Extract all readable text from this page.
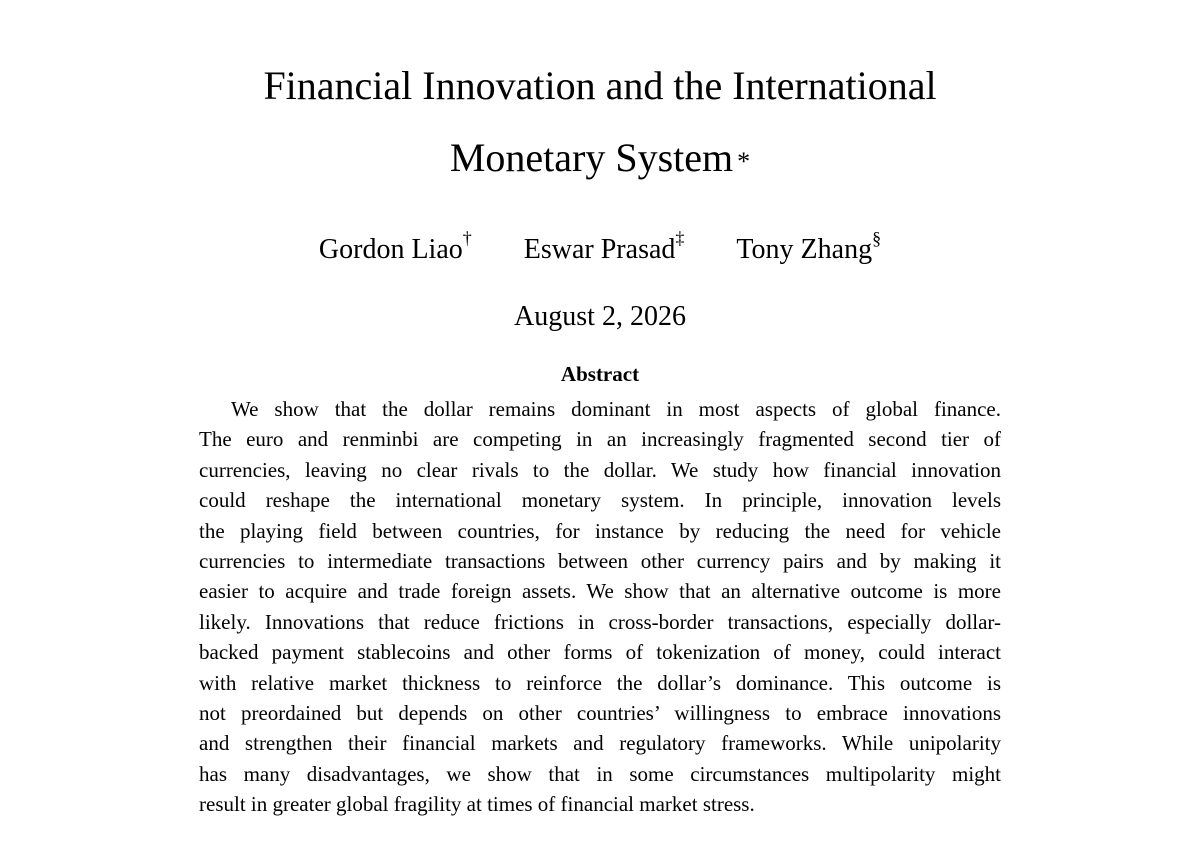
Financial Innovation and the International
Monetary System *
Gordon Liao† Eswar Prasad‡ Tony Zhang§
August 2, 2026
Abstract
We show that the dollar remains dominant in most aspects of global finance.
The euro and renminbi are competing in an increasingly fragmented second tier of
currencies, leaving no clear rivals to the dollar. We study how financial innovation
could reshape the international monetary system. In principle, innovation levels
the playing field between countries, for instance by reducing the need for vehicle
currencies to intermediate transactions between other currency pairs and by making it
easier to acquire and trade foreign assets. We show that an alternative outcome is more
likely. Innovations that reduce frictions in cross-border transactions, especially dollar-
backed payment stablecoins and other forms of tokenization of money, could interact
with relative market thickness to reinforce the dollar’s dominance. This outcome is
not preordained but depends on other countries’ willingness to embrace innovations
and strengthen their financial markets and regulatory frameworks. While unipolarity
has many disadvantages, we show that in some circumstances multipolarity might
result in greater global fragility at times of financial market stress.
